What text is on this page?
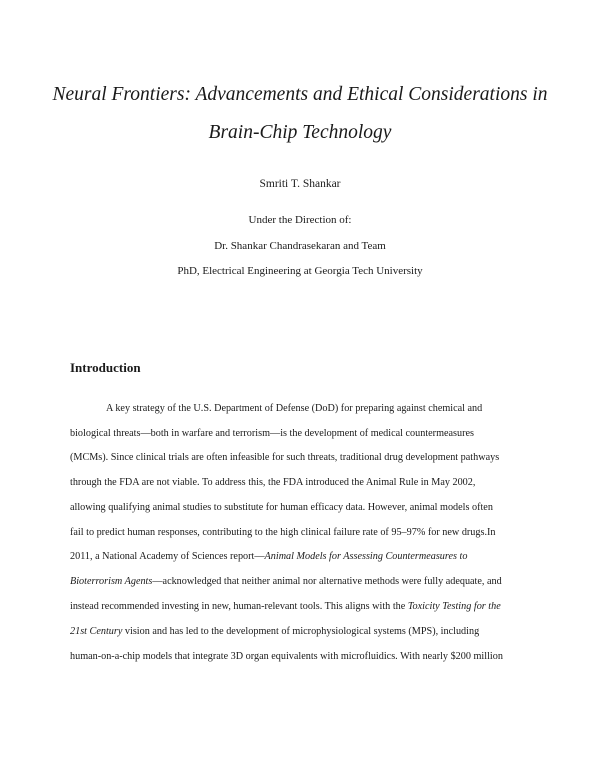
Neural Frontiers: Advancements and Ethical Considerations in

Brain-Chip Technology

Smriti T. Shankar

Under the Direction of:

Dr. Shankar Chandrasekaran and Team

PhD, Electrical Engineering at Georgia Tech University

Introduction

A key strategy of the U.S. Department of Defense (DoD) for preparing against chemical and

biological threats—both in warfare and terrorism—is the development of medical countermeasures

(MCMs). Since clinical trials are often infeasible for such threats, traditional drug development pathways

through the FDA are not viable. To address this, the FDA introduced the Animal Rule in May 2002,

allowing qualifying animal studies to substitute for human efficacy data. However, animal models often

fail to predict human responses, contributing to the high clinical failure rate of 95–97% for new drugs.In

2011, a National Academy of Sciences report—Animal Models for Assessing Countermeasures to

Bioterrorism Agents—acknowledged that neither animal nor alternative methods were fully adequate, and

instead recommended investing in new, human-relevant tools. This aligns with the Toxicity Testing for the

21st Century vision and has led to the development of microphysiological systems (MPS), including

human-on-a-chip models that integrate 3D organ equivalents with microfluidics. With nearly $200 million
